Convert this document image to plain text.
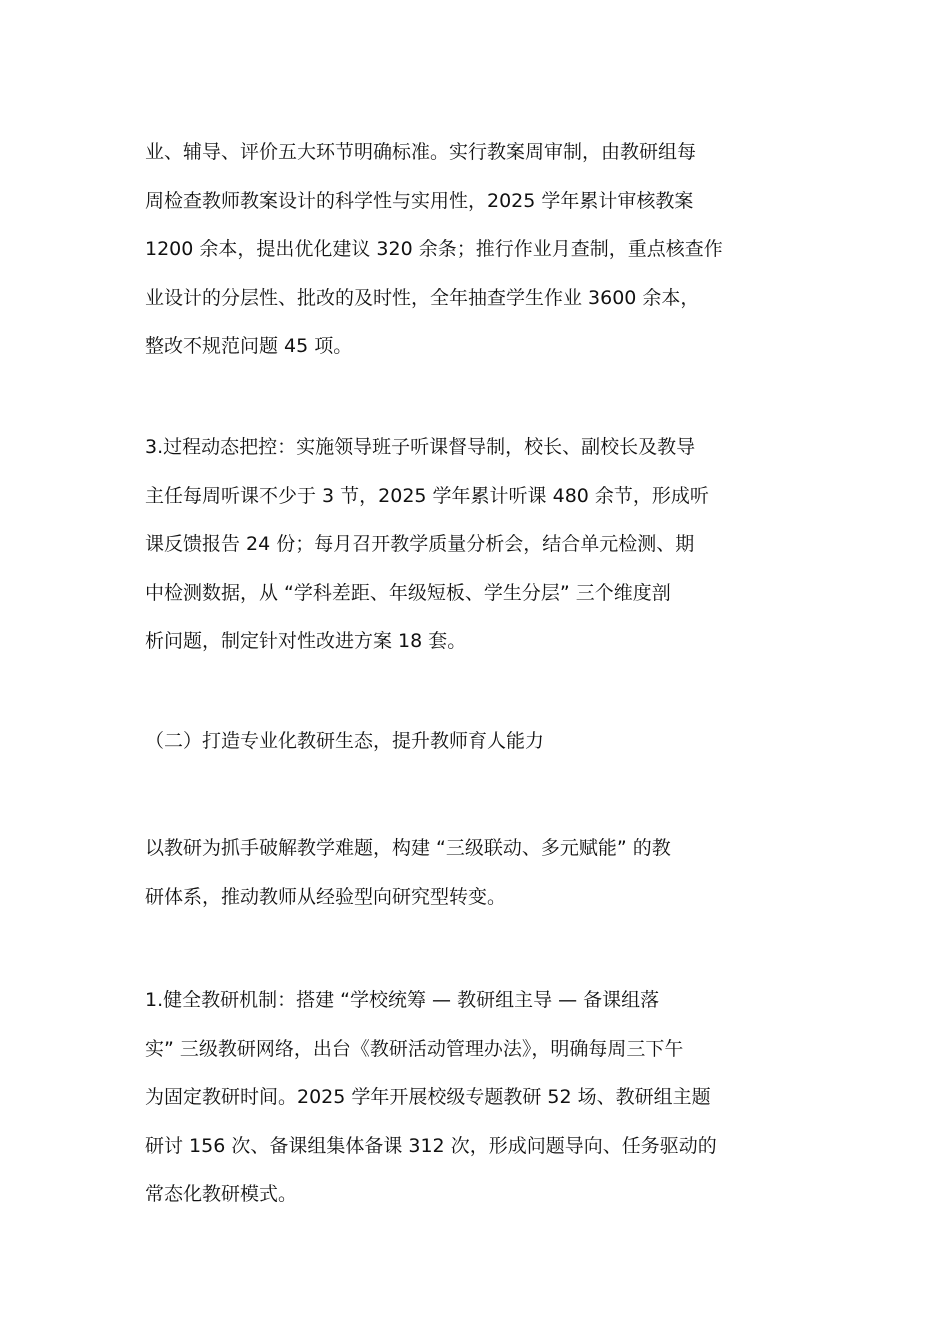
业、辅导、评价五大环节明确标准。实行教案周审制，由教研组每
周检查教师教案设计的科学性与实用性，2025 学年累计审核教案
1200 余本，提出优化建议 320 余条；推行作业月查制，重点核查作
业设计的分层性、批改的及时性，全年抽查学生作业 3600 余本，
整改不规范问题 45 项。
3.过程动态把控：实施领导班子听课督导制，校长、副校长及教导
主任每周听课不少于 3 节，2025 学年累计听课 480 余节，形成听
课反馈报告 24 份；每月召开教学质量分析会，结合单元检测、期
中检测数据，从 “学科差距、年级短板、学生分层” 三个维度剖
析问题，制定针对性改进方案 18 套。
（二）打造专业化教研生态，提升教师育人能力
以教研为抓手破解教学难题，构建 “三级联动、多元赋能” 的教
研体系，推动教师从经验型向研究型转变。
1.健全教研机制：搭建 “学校统筹 — 教研组主导 — 备课组落
实” 三级教研网络，出台《教研活动管理办法》，明确每周三下午
为固定教研时间。2025 学年开展校级专题教研 52 场、教研组主题
研讨 156 次、备课组集体备课 312 次，形成问题导向、任务驱动的
常态化教研模式。
